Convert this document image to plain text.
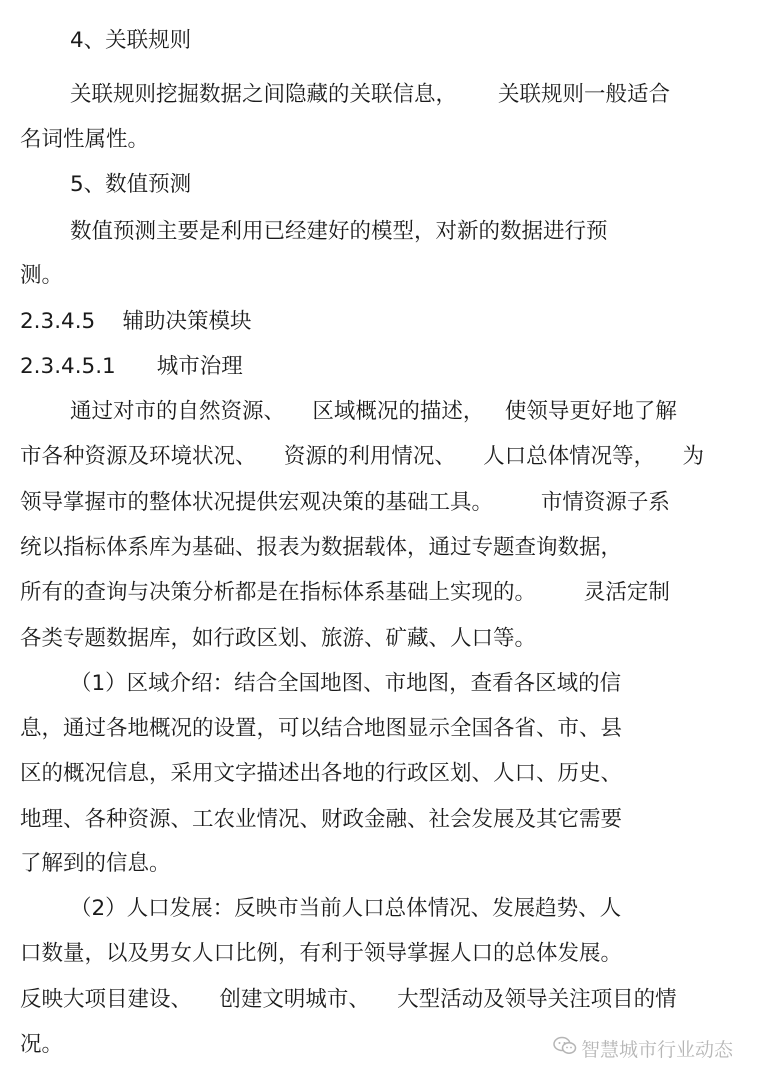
4、关联规则
关联规则挖掘数据之间隐藏的关联信息，      关联规则一般适合
名词性属性。
5、数值预测
数值预测主要是利用已经建好的模型，对新的数据进行预
测。
2.3.4.5    辅助决策模块
2.3.4.5.1      城市治理
通过对市的自然资源、    区域概况的描述，   使领导更好地了解
市各种资源及环境状况、    资源的利用情况、    人口总体情况等，    为
领导掌握市的整体状况提供宏观决策的基础工具。       市情资源子系
统以指标体系库为基础、报表为数据载体，通过专题查询数据，
所有的查询与决策分析都是在指标体系基础上实现的。       灵活定制
各类专题数据库，如行政区划、旅游、矿藏、人口等。
（1）区域介绍：结合全国地图、市地图，查看各区域的信
息，通过各地概况的设置，可以结合地图显示全国各省、市、县
区的概况信息，采用文字描述出各地的行政区划、人口、历史、
地理、各种资源、工农业情况、财政金融、社会发展及其它需要
了解到的信息。
（2）人口发展：反映市当前人口总体情况、发展趋势、人
口数量，以及男女人口比例，有利于领导掌握人口的总体发展。
反映大项目建设、    创建文明城市、    大型活动及领导关注项目的情
况。	智慧城市行业动态
